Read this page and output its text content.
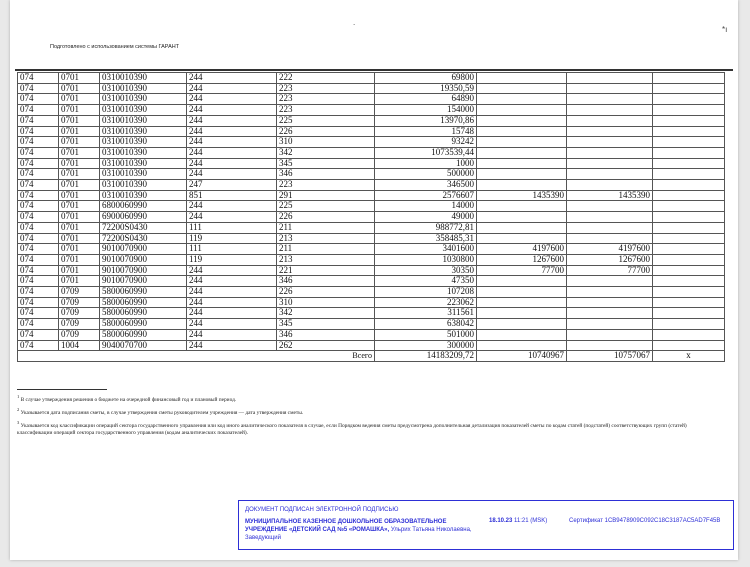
.
*ı
Подготовлено с использованием системы ГАРАНТ
074	0701	0310010390	244	222	69800			
074	0701	0310010390	244	223	19350,59			
074	0701	0310010390	244	223	64890			
074	0701	0310010390	244	223	154000			
074	0701	0310010390	244	225	13970,86			
074	0701	0310010390	244	226	15748			
074	0701	0310010390	244	310	93242			
074	0701	0310010390	244	342	1073539,44			
074	0701	0310010390	244	345	1000			
074	0701	0310010390	244	346	500000			
074	0701	0310010390	247	223	346500			
074	0701	0310010390	851	291	2576607	1435390	1435390	
074	0701	6800060990	244	225	14000			
074	0701	6900060990	244	226	49000			
074	0701	72200S0430	111	211	988772,81			
074	0701	72200S0430	119	213	358485,31			
074	0701	9010070900	111	211	3401600	4197600	4197600	
074	0701	9010070900	119	213	1030800	1267600	1267600	
074	0701	9010070900	244	221	30350	77700	77700	
074	0701	9010070900	244	346	47350			
074	0709	5800060990	244	226	107208			
074	0709	5800060990	244	310	223062			
074	0709	5800060990	244	342	311561			
074	0709	5800060990	244	345	638042			
074	0709	5800060990	244	346	501000			
074	1004	9040070700	244	262	300000			
Всего					14183209,72	10740967	10757067	х

$^1$ В случае утверждения решения о бюджете на очередной финансовый год и плановый период.

$^2$ Указывается дата подписания сметы, в случае утверждения сметы руководителем учреждения — дата утверждения сметы.

$^3$ Указывается код классификации операций сектора государственного управления или код иного аналитического показателя в случае, если Порядком ведения сметы предусмотрена дополнительная детализация показателей сметы по кодам статей (подстатей) соответствующих групп (статей) классификации операций сектора государственного управления (кодам аналитических показателей).

ДОКУМЕНТ ПОДПИСАН ЭЛЕКТРОННОЙ ПОДПИСЬЮ
МУНИЦИПАЛЬНОЕ КАЗЕННОЕ ДОШКОЛЬНОЕ ОБРАЗОВАТЕЛЬНОЕ УЧРЕЖДЕНИЕ «ДЕТСКИЙ САД №5 «РОМАШКА», Ульрих Татьяна Николаевна, Заведующий
18.10.23 11:21 (MSK)	Сертификат 1CB9478909C092C18C3187AC5AD7F45B
